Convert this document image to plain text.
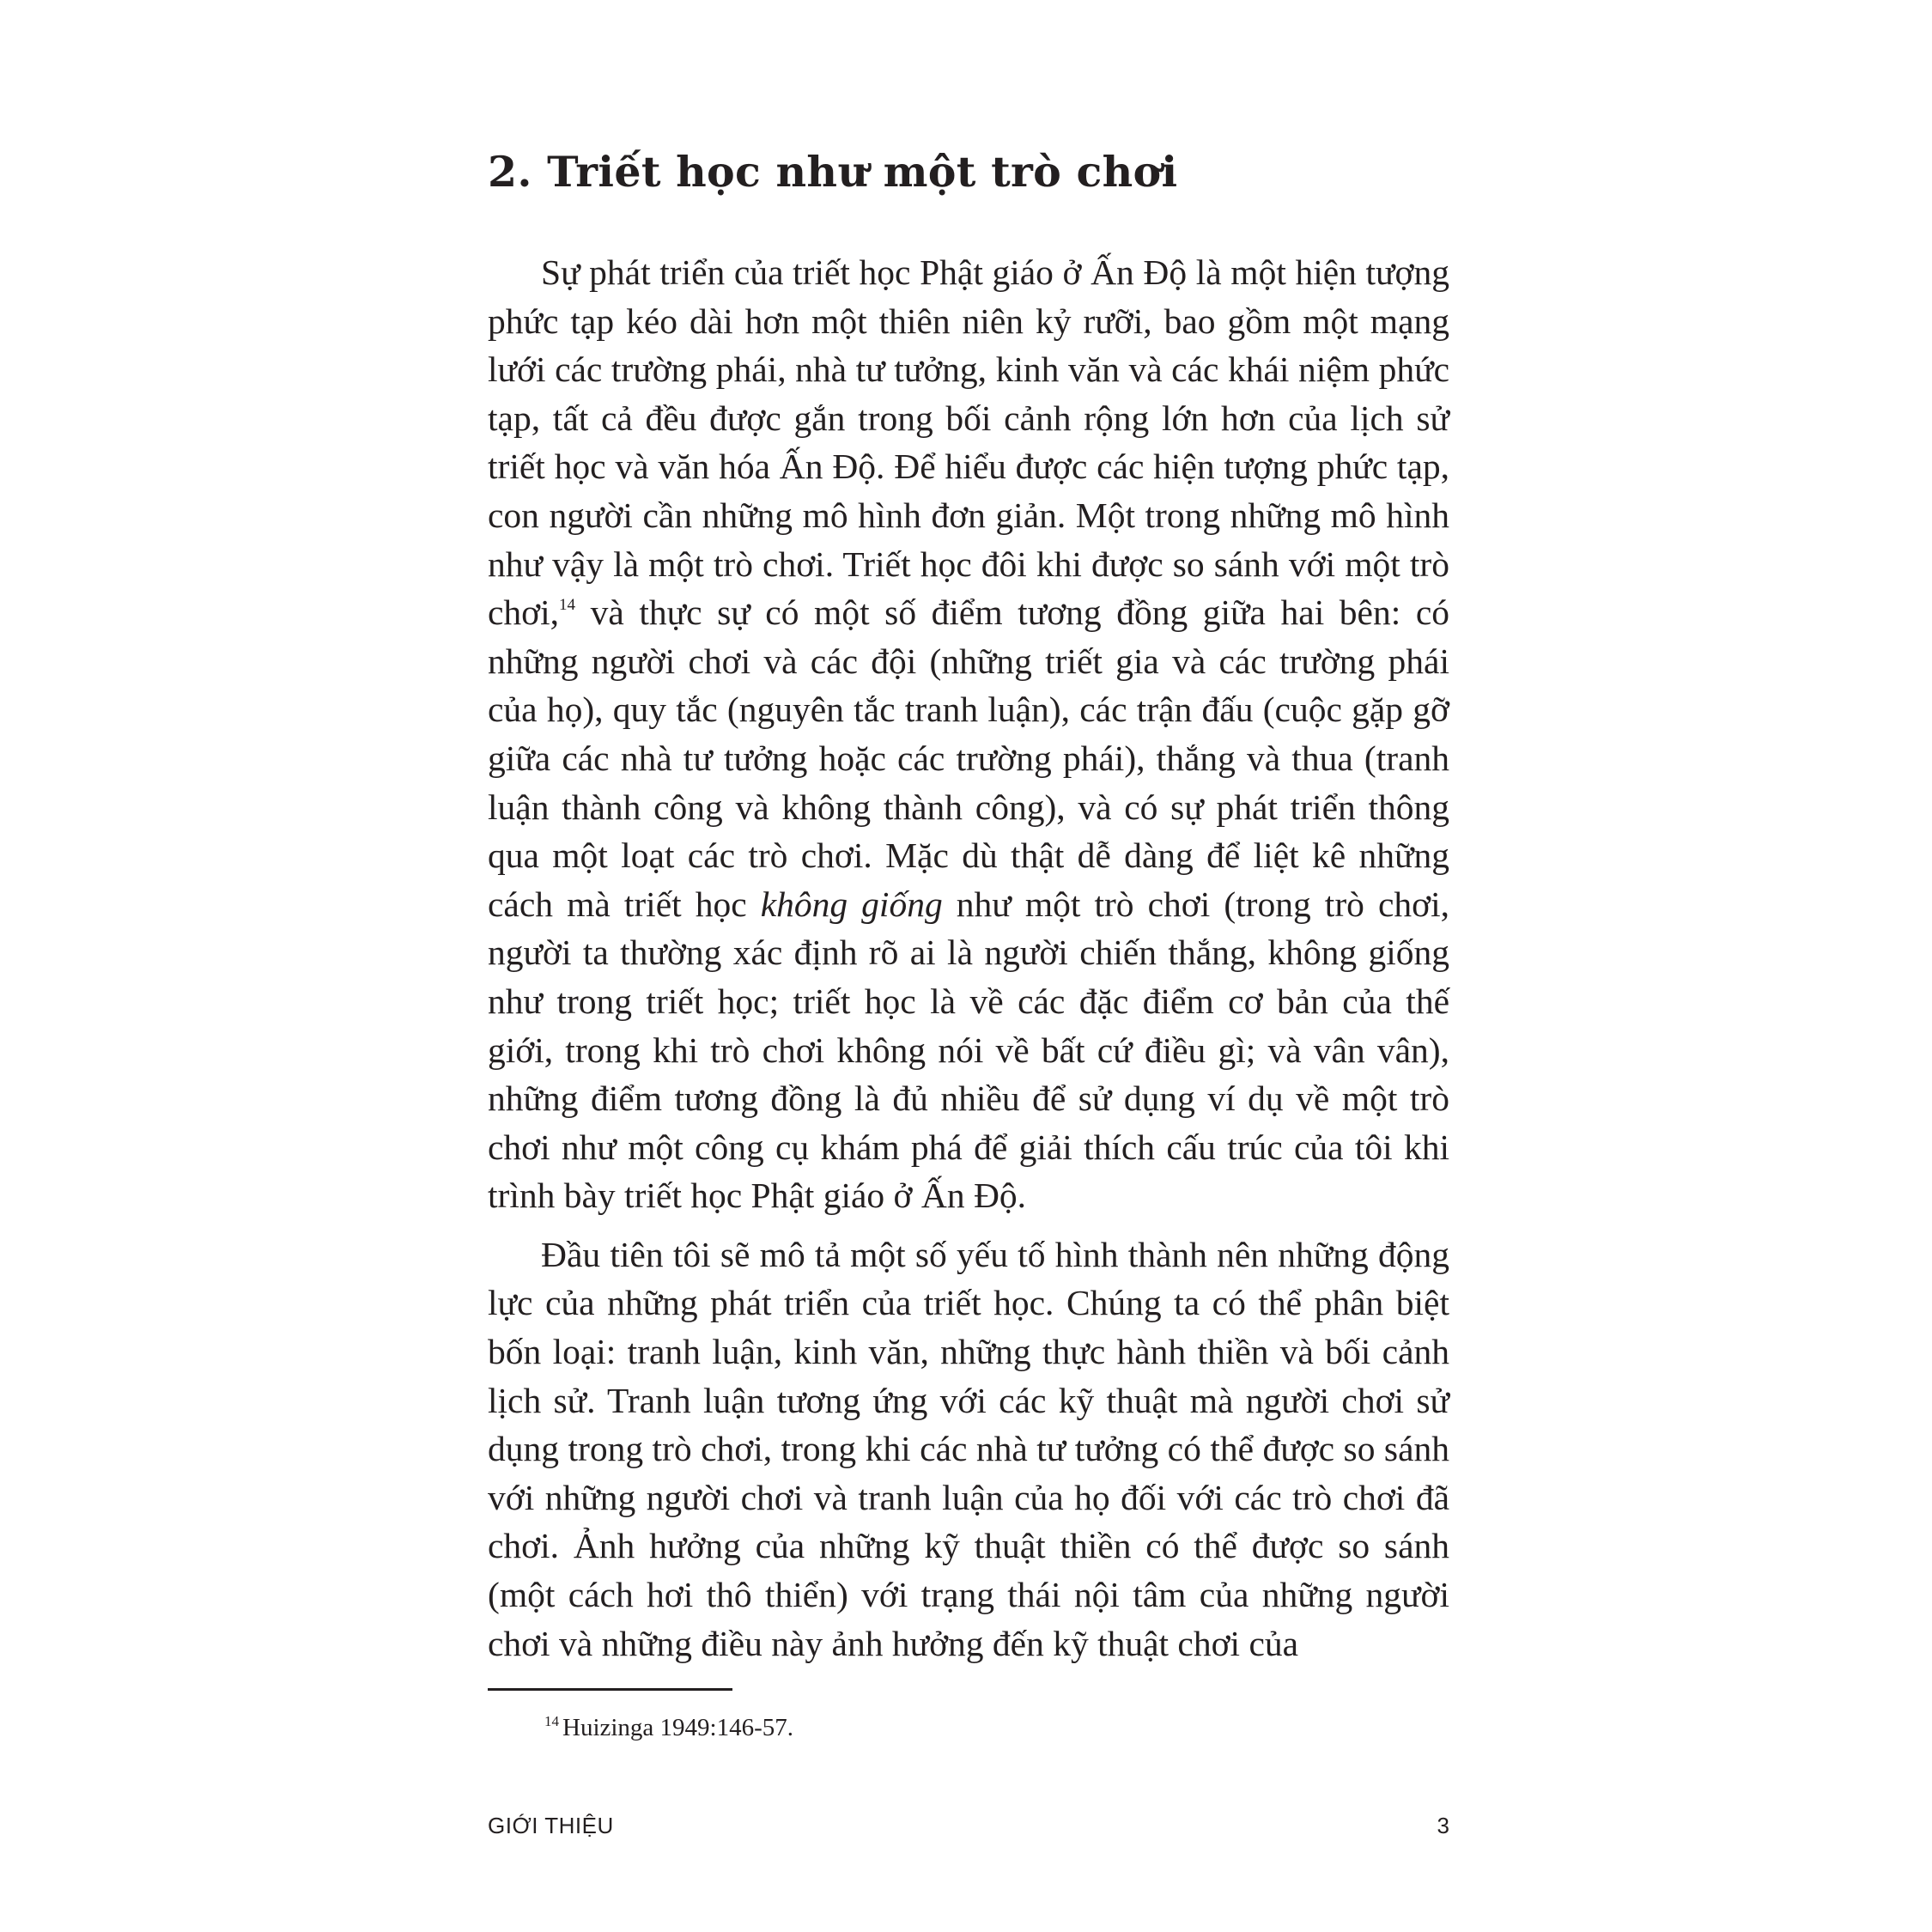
2. Triết học như một trò chơi

Sự phát triển của triết học Phật giáo ở Ấn Độ là một hiện tượng phức tạp kéo dài hơn một thiên niên kỷ rưỡi, bao gồm một mạng lưới các trường phái, nhà tư tưởng, kinh văn và các khái niệm phức tạp, tất cả đều được gắn trong bối cảnh rộng lớn hơn của lịch sử triết học và văn hóa Ấn Độ. Để hiểu được các hiện tượng phức tạp, con người cần những mô hình đơn giản. Một trong những mô hình như vậy là một trò chơi. Triết học đôi khi được so sánh với một trò chơi,$^{14}$ và thực sự có một số điểm tương đồng giữa hai bên: có những người chơi và các đội (những triết gia và các trường phái của họ), quy tắc (nguyên tắc tranh luận), các trận đấu (cuộc gặp gỡ giữa các nhà tư tưởng hoặc các trường phái), thắng và thua (tranh luận thành công và không thành công), và có sự phát triển thông qua một loạt các trò chơi. Mặc dù thật dễ dàng để liệt kê những cách mà triết học không giống như một trò chơi (trong trò chơi, người ta thường xác định rõ ai là người chiến thắng, không giống như trong triết học; triết học là về các đặc điểm cơ bản của thế giới, trong khi trò chơi không nói về bất cứ điều gì; và vân vân), những điểm tương đồng là đủ nhiều để sử dụng ví dụ về một trò chơi như một công cụ khám phá để giải thích cấu trúc của tôi khi trình bày triết học Phật giáo ở Ấn Độ.

Đầu tiên tôi sẽ mô tả một số yếu tố hình thành nên những động lực của những phát triển của triết học. Chúng ta có thể phân biệt bốn loại: tranh luận, kinh văn, những thực hành thiền và bối cảnh lịch sử. Tranh luận tương ứng với các kỹ thuật mà người chơi sử dụng trong trò chơi, trong khi các nhà tư tưởng có thể được so sánh với những người chơi và tranh luận của họ đối với các trò chơi đã chơi. Ảnh hưởng của những kỹ thuật thiền có thể được so sánh (một cách hơi thô thiển) với trạng thái nội tâm của những người chơi và những điều này ảnh hưởng đến kỹ thuật chơi của

$^{14}$ Huizinga 1949:146-57.

GIỚI THIỆU	3
